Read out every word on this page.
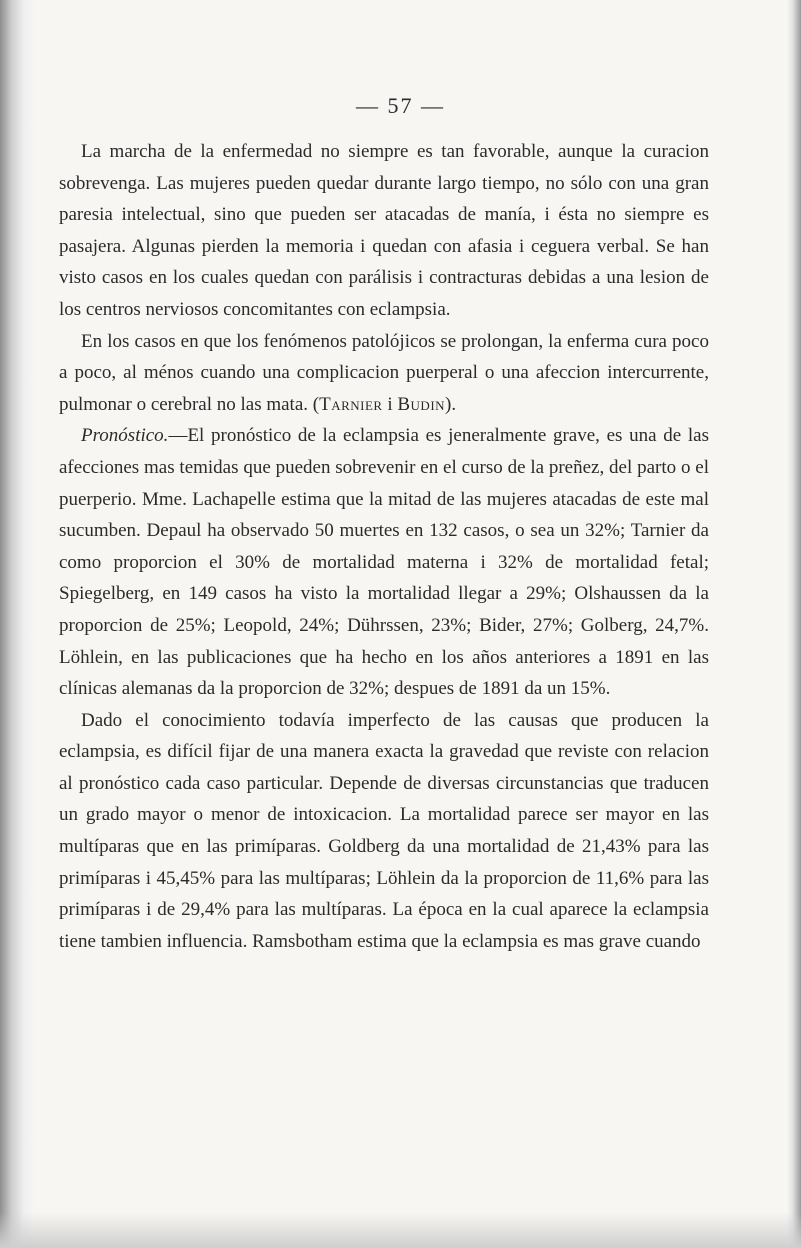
— 57 —

La marcha de la enfermedad no siempre es tan favorable, aunque la curacion sobrevenga. Las mujeres pueden quedar durante largo tiempo, no sólo con una gran paresia intelectual, sino que pueden ser atacadas de manía, i ésta no siempre es pasajera. Algunas pierden la memoria i quedan con afasia i ceguera verbal. Se han visto casos en los cuales quedan con parálisis i contracturas debidas a una lesion de los centros nerviosos concomitantes con eclampsia.

En los casos en que los fenómenos patolójicos se prolongan, la enferma cura poco a poco, al ménos cuando una complicacion puerperal o una afeccion intercurrente, pulmonar o cerebral no las mata. (Tarnier i Budin).

Pronóstico.—El pronóstico de la eclampsia es jeneralmente grave, es una de las afecciones mas temidas que pueden sobrevenir en el curso de la preñez, del parto o el puerperio. Mme. Lachapelle estima que la mitad de las mujeres atacadas de este mal sucumben. Depaul ha observado 50 muertes en 132 casos, o sea un 32%; Tarnier da como proporcion el 30% de mortalidad materna i 32% de mortalidad fetal; Spiegelberg, en 149 casos ha visto la mortalidad llegar a 29%; Olshaussen da la proporcion de 25%; Leopold, 24%; Dührssen, 23%; Bider, 27%; Golberg, 24,7%. Löhlein, en las publicaciones que ha hecho en los años anteriores a 1891 en las clínicas alemanas da la proporcion de 32%; despues de 1891 da un 15%.

Dado el conocimiento todavía imperfecto de las causas que producen la eclampsia, es difícil fijar de una manera exacta la gravedad que reviste con relacion al pronóstico cada caso particular. Depende de diversas circunstancias que traducen un grado mayor o menor de intoxicacion. La mortalidad parece ser mayor en las multíparas que en las primíparas. Goldberg da una mortalidad de 21,43% para las primíparas i 45,45% para las multíparas; Löhlein da la proporcion de 11,6% para las primíparas i de 29,4% para las multíparas. La época en la cual aparece la eclampsia tiene tambien influencia. Ramsbotham estima que la eclampsia es mas grave cuando
